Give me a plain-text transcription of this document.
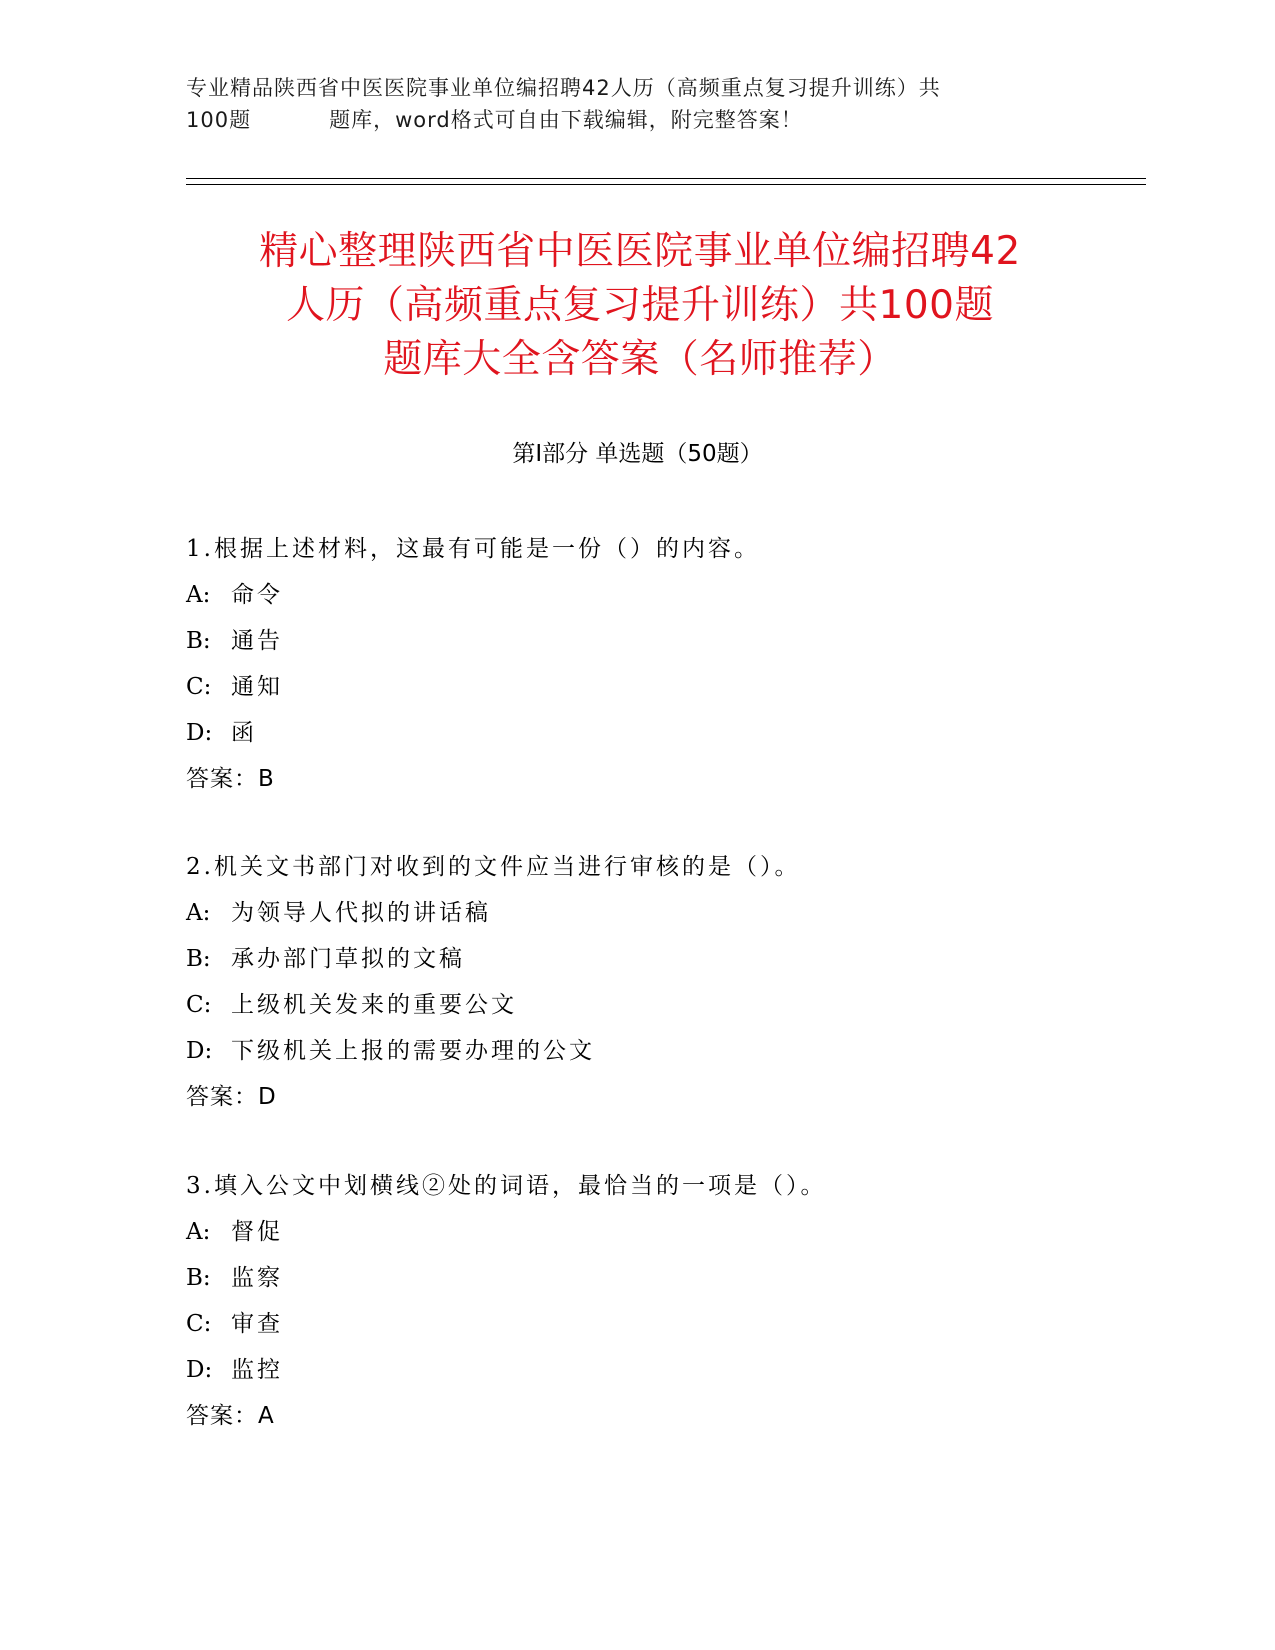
专业精品陕西省中医医院事业单位编招聘42人历（高频重点复习提升训练）共
100题	题库，word格式可自由下载编辑，附完整答案！
精心整理陕西省中医医院事业单位编招聘42
人历（高频重点复习提升训练）共100题
题库大全含答案（名师推荐）
第Ⅰ部分 单选题（50题）
1.根据上述材料，这最有可能是一份（）的内容。
A: 命令
B: 通告
C: 通知
D: 函
答案：B
2.机关文书部门对收到的文件应当进行审核的是（）。
A: 为领导人代拟的讲话稿
B: 承办部门草拟的文稿
C: 上级机关发来的重要公文
D: 下级机关上报的需要办理的公文
答案：D
3.填入公文中划横线②处的词语，最恰当的一项是（）。
A: 督促
B: 监察
C: 审查
D: 监控
答案：A
